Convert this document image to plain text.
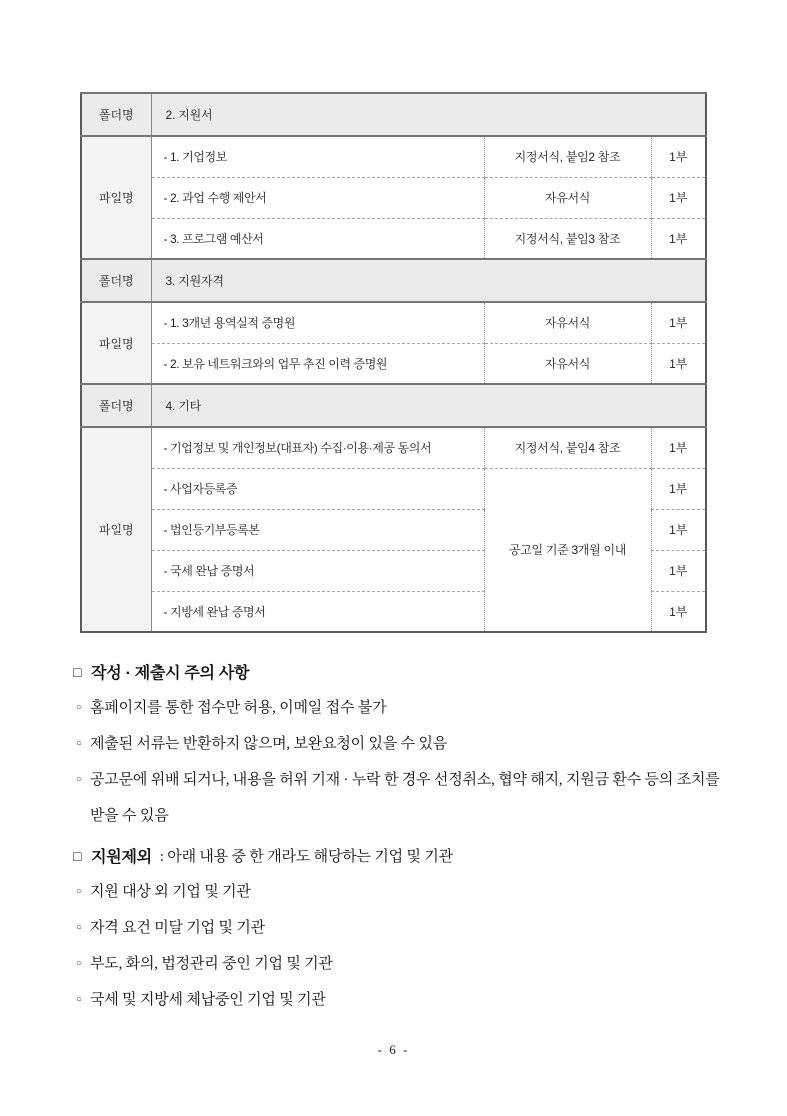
폴더명	2. 지원서		
파일명	- 1. 기업정보	지정서식, 붙임2 참조	1부
	- 2. 과업 수행 제안서	자유서식	1부
	- 3. 프로그램 예산서	지정서식, 붙임3 참조	1부
폴더명	3. 지원자격		
파일명	- 1. 3개년 용역실적 증명원	자유서식	1부
	- 2. 보유 네트워크와의 업무 추진 이력 증명원	자유서식	1부
폴더명	4. 기타		
파일명	- 기업정보 및 개인정보(대표자) 수집·이용·제공 동의서	지정서식, 붙임4 참조	1부
	- 사업자등록증	공고일 기준 3개월 이내	1부
	- 법인등기부등록본		1부
	- 국세 완납 증명서		1부
	- 지방세 완납 증명서		1부
□ 작성 · 제출시 주의 사항
○ 홈페이지를 통한 접수만 허용, 이메일 접수 불가
○ 제출된 서류는 반환하지 않으며, 보완요청이 있을 수 있음
○ 공고문에 위배 되거나, 내용을 허위 기재 · 누락 한 경우 선정취소, 협약 해지, 지원금 환수 등의 조치를 받을 수 있음
□ 지원제외 : 아래 내용 중 한 개라도 해당하는 기업 및 기관
○ 지원 대상 외 기업 및 기관
○ 자격 요건 미달 기업 및 기관
○ 부도, 화의, 법정관리 중인 기업 및 기관
○ 국세 및 지방세 체납중인 기업 및 기관
- 6 -
